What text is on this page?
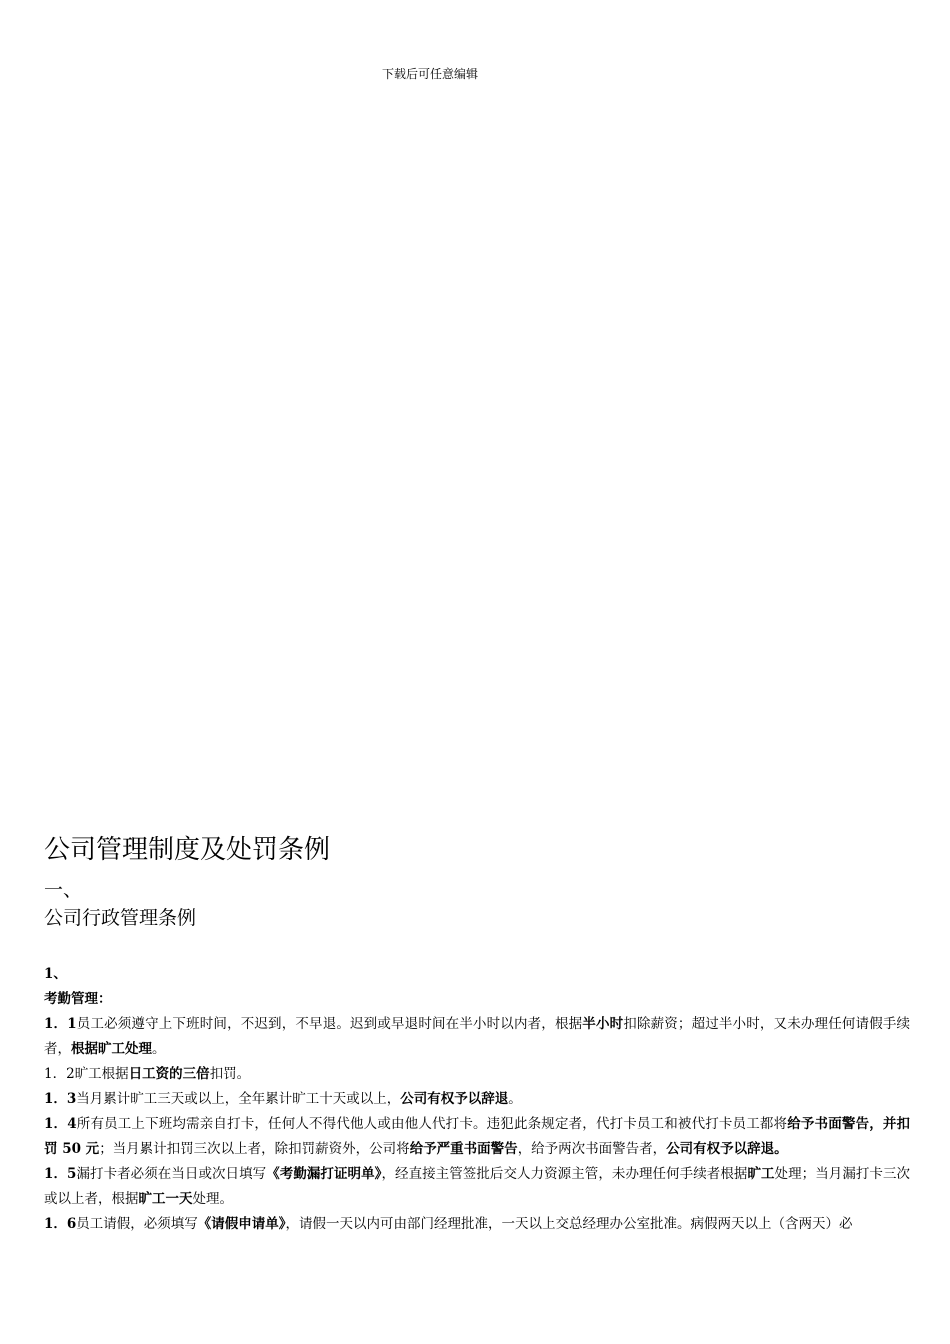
下载后可任意编辑
公司管理制度及处罚条例
一、
公司行政管理条例
1、
考勤管理：

1．1员工必须遵守上下班时间，不迟到，不早退。迟到或早退时间在半小时以内者，根据半小时扣除薪资；超过半小时，又未办理任何请假手续者，根据旷工处理。

1．2旷工根据日工资的三倍扣罚。

1．3当月累计旷工三天或以上，全年累计旷工十天或以上，公司有权予以辞退。

1．4所有员工上下班均需亲自打卡，任何人不得代他人或由他人代打卡。违犯此条规定者，代打卡员工和被代打卡员工都将给予书面警告，并扣罚 50 元；当月累计扣罚三次以上者，除扣罚薪资外，公司将给予严重书面警告，给予两次书面警告者，公司有权予以辞退。

1．5漏打卡者必须在当日或次日填写《考勤漏打证明单》，经直接主管签批后交人力资源主管，未办理任何手续者根据旷工处理；当月漏打卡三次或以上者，根据旷工一天处理。

1．6员工请假，必须填写《请假申请单》，请假一天以内可由部门经理批准，一天以上交总经理办公室批准。病假两天以上（含两天）必
